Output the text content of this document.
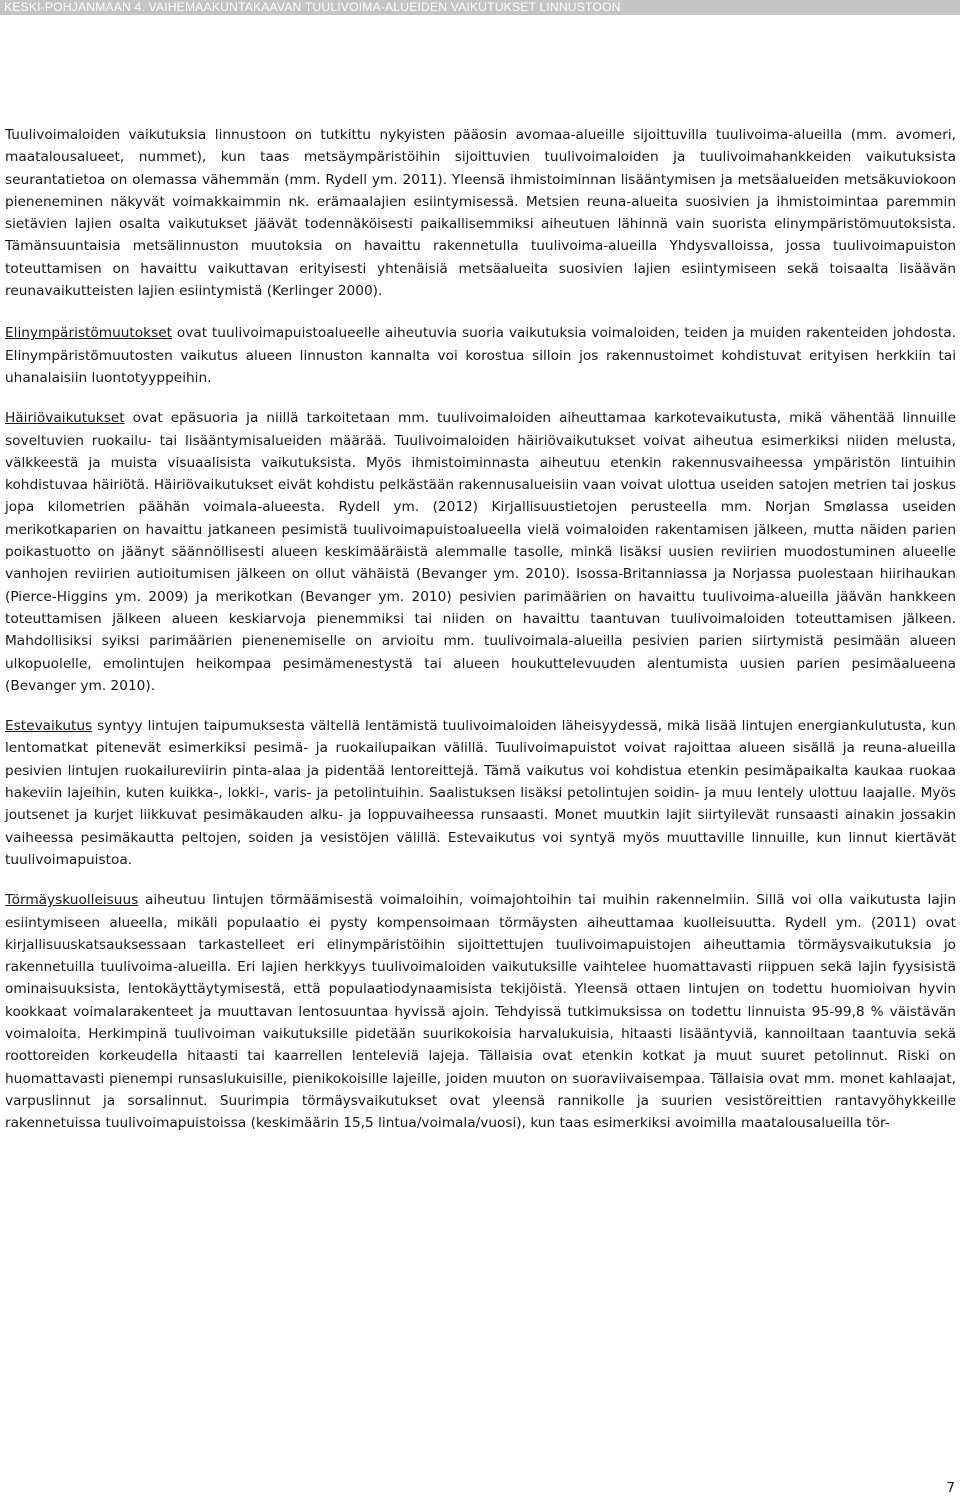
KESKI-POHJANMAAN 4. VAIHEMAAKUNTAKAAVAN TUULIVOIMA-ALUEIDEN VAIKUTUKSET LINNUSTOON

Tuulivoimaloiden vaikutuksia linnustoon on tutkittu nykyisten pääosin avomaa-alueille sijoittuvilla tuulivoima-alueilla (mm. avomeri, maatalousalueet, nummet), kun taas metsäympäristöihin sijoittuvien tuulivoimaloiden ja tuulivoimahankkeiden vaikutuksista seurantatietoa on olemassa vähemmän (mm. Rydell ym. 2011). Yleensä ihmistoiminnan lisääntymisen ja metsäalueiden metsäkuviokoon pieneneminen näkyvät voimakkaimmin nk. erämaalajien esiintymisessä. Metsien reuna-alueita suosivien ja ihmistoimintaa paremmin sietävien lajien osalta vaikutukset jäävät todennäköisesti paikallisemmiksi aiheutuen lähinnä vain suorista elinympäristömuutoksista. Tämänsuuntaisia metsälinnuston muutoksia on havaittu rakennetulla tuulivoima-alueilla Yhdysvalloissa, jossa tuulivoimapuiston toteuttamisen on havaittu vaikuttavan erityisesti yhtenäisiä metsäalueita suosivien lajien esiintymiseen sekä toisaalta lisäävän reunavaikutteisten lajien esiintymistä (Kerlinger 2000).

Elinympäristömuutokset ovat tuulivoimapuistoalueelle aiheutuvia suoria vaikutuksia voimaloiden, teiden ja muiden rakenteiden johdosta. Elinympäristömuutosten vaikutus alueen linnuston kannalta voi korostua silloin jos rakennustoimet kohdistuvat erityisen herkkiin tai uhanalaisiin luontotyyppeihin.

Häiriövaikutukset ovat epäsuoria ja niillä tarkoitetaan mm. tuulivoimaloiden aiheuttamaa karkotevaikutusta, mikä vähentää linnuille soveltuvien ruokailu- tai lisääntymisalueiden määrää. Tuulivoimaloiden häiriövaikutukset voivat aiheutua esimerkiksi niiden melusta, välkkeestä ja muista visuaalisista vaikutuksista. Myös ihmistoiminnasta aiheutuu etenkin rakennusvaiheessa ympäristön lintuihin kohdistuvaa häiriötä. Häiriövaikutukset eivät kohdistu pelkästään rakennusalueisiin vaan voivat ulottua useiden satojen metrien tai joskus jopa kilometrien päähän voimala-alueesta. Rydell ym. (2012) Kirjallisuustietojen perusteella mm. Norjan Smølassa useiden merikotkaparien on havaittu jatkaneen pesimistä tuulivoimapuistoalueella vielä voimaloiden rakentamisen jälkeen, mutta näiden parien poikastuotto on jäänyt säännöllisesti alueen keskimääräistä alemmalle tasolle, minkä lisäksi uusien reviirien muodostuminen alueelle vanhojen reviirien autioitumisen jälkeen on ollut vähäistä (Bevanger ym. 2010). Isossa-Britanniassa ja Norjassa puolestaan hiirihaukan (Pierce-Higgins ym. 2009) ja merikotkan (Bevanger ym. 2010) pesivien parimäärien on havaittu tuulivoima-alueilla jäävän hankkeen toteuttamisen jälkeen alueen keskiarvoja pienemmiksi tai niiden on havaittu taantuvan tuulivoimaloiden toteuttamisen jälkeen. Mahdollisiksi syiksi parimäärien pienenemiselle on arvioitu mm. tuulivoimala-alueilla pesivien parien siirtymistä pesimään alueen ulkopuolelle, emolintujen heikompaa pesimämenestystä tai alueen houkuttelevuuden alentumista uusien parien pesimäalueena (Bevanger ym. 2010).

Estevaikutus syntyy lintujen taipumuksesta vältellä lentämistä tuulivoimaloiden läheisyydessä, mikä lisää lintujen energiankulutusta, kun lentomatkat pitenevät esimerkiksi pesimä- ja ruokailupaikan välillä. Tuulivoimapuistot voivat rajoittaa alueen sisällä ja reuna-alueilla pesivien lintujen ruokailureviirin pinta-alaa ja pidentää lentoreittejä. Tämä vaikutus voi kohdistua etenkin pesimäpaikalta kaukaa ruokaa hakeviin lajeihin, kuten kuikka-, lokki-, varis- ja petolintuihin. Saalistuksen lisäksi petolintujen soidin- ja muu lentely ulottuu laajalle. Myös joutsenet ja kurjet liikkuvat pesimäkauden alku- ja loppuvaiheessa runsaasti. Monet muutkin lajit siirtyilevät runsaasti ainakin jossakin vaiheessa pesimäkautta peltojen, soiden ja vesistöjen välillä. Estevaikutus voi syntyä myös muuttaville linnuille, kun linnut kiertävät tuulivoimapuistoa.

Törmäyskuolleisuus aiheutuu lintujen törmäämisestä voimaloihin, voimajohtoihin tai muihin rakennelmiin. Sillä voi olla vaikutusta lajin esiintymiseen alueella, mikäli populaatio ei pysty kompensoimaan törmäysten aiheuttamaa kuolleisuutta. Rydell ym. (2011) ovat kirjallisuuskatsauksessaan tarkastelleet eri elinympäristöihin sijoittettujen tuulivoimapuistojen aiheuttamia törmäysvaikutuksia jo rakennetuilla tuulivoima-alueilla. Eri lajien herkkyys tuulivoimaloiden vaikutuksille vaihtelee huomattavasti riippuen sekä lajin fyysisistä ominaisuuksista, lentokäyttäytymisestä, että populaatiodynaamisista tekijöistä. Yleensä ottaen lintujen on todettu huomioivan hyvin kookkaat voimalarakenteet ja muuttavan lentosuuntaa hyvissä ajoin. Tehdyissä tutkimuksissa on todettu linnuista 95-99,8 % väistävän voimaloita. Herkimpinä tuulivoiman vaikutuksille pidetään suurikokoisia harvalukuisia, hitaasti lisääntyviä, kannoiltaan taantuvia sekä roottoreiden korkeudella hitaasti tai kaarrellen lenteleviä lajeja. Tällaisia ovat etenkin kotkat ja muut suuret petolinnut. Riski on huomattavasti pienempi runsaslukuisille, pienikokoisille lajeille, joiden muuton on suoraviivaisempaa. Tällaisia ovat mm. monet kahlaajat, varpuslinnut ja sorsalinnut. Suurimpia törmäysvaikutukset ovat yleensä rannikolle ja suurien vesistöreittien rantavyöhykkeille rakennetuissa tuulivoimapuistoissa (keskimäärin 15,5 lintua/voimala/vuosi), kun taas esimerkiksi avoimilla maatalousalueilla tör-

7
